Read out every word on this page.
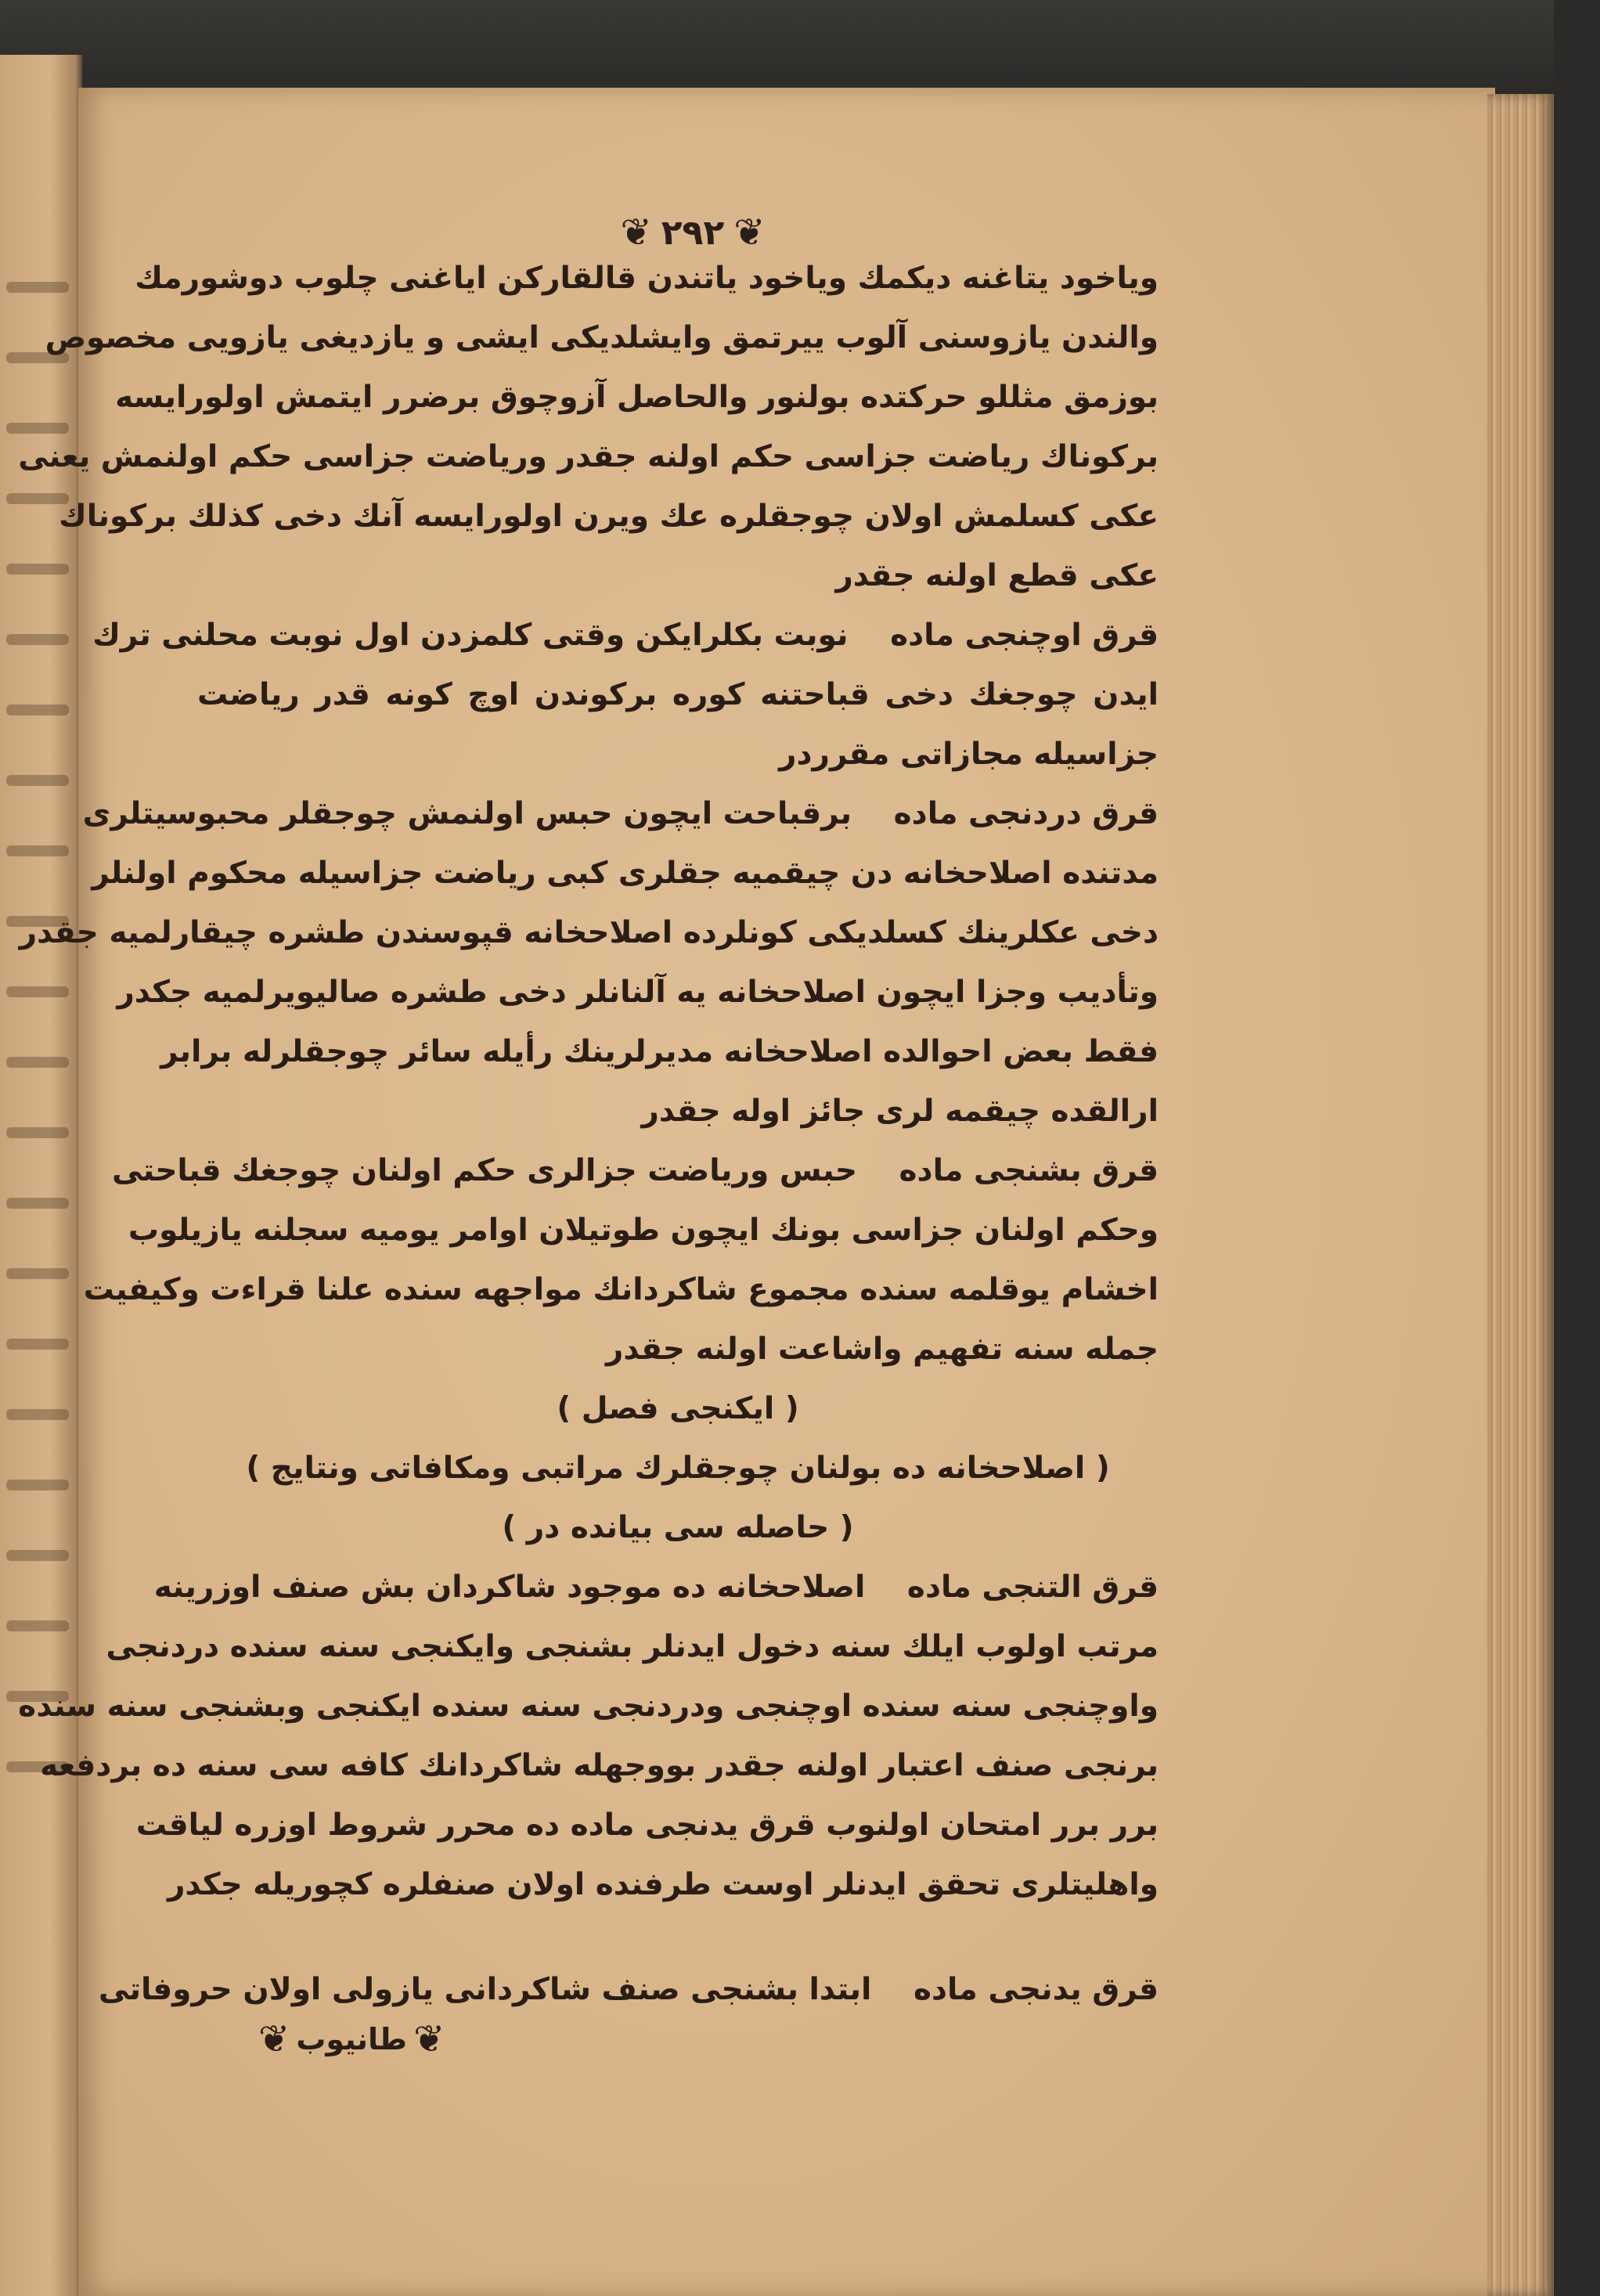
❦ ٢٩٢ ❦
وياخود يتاغنه ديكمك وياخود ياتندن قالقاركن اياغنى چلوب دوشورمك
والندن يازوسنى آلوب ييرتمق وايشلديكى ايشى و يازديغى يازويى مخصوص
بوزمق مثللو حركتده بولنور والحاصل آزوچوق برضرر ايتمش اولورايسه
بركوناك رياضت جزاسى حكم اولنه جقدر ورياضت جزاسى حكم اولنمش يعنى
عكى كسلمش اولان چوجقلره عك ويرن اولورايسه آنك دخى كذلك بركوناك
عكى قطع اولنه جقدر
قرق اوچنجى ماده نوبت بكلرايكن وقتى كلمزدن اول نوبت محلنى ترك
ايدن چوجغك دخى قباحتنه كوره بركوندن اوچ كونه قدر رياضت
جزاسيله مجازاتى مقرردر
قرق دردنجى ماده برقباحت ايچون حبس اولنمش چوجقلر محبوسيتلرى
مدتنده اصلاحخانه دن چيقميه جقلرى كبى رياضت جزاسيله محكوم اولنلر
دخى عكلرينك كسلديكى كونلرده اصلاحخانه قپوسندن طشره چيقارلميه جقدر
وتأديب وجزا ايچون اصلاحخانه يه آلنانلر دخى طشره صاليويرلميه جكدر
فقط بعض احوالده اصلاحخانه مديرلرينك رأيله سائر چوجقلرله برابر
ارالقده چيقمه لرى جائز اوله جقدر
قرق بشنجى ماده حبس ورياضت جزالرى حكم اولنان چوجغك قباحتى
وحكم اولنان جزاسى بونك ايچون طوتيلان اوامر يوميه سجلنه يازيلوب
اخشام يوقلمه سنده مجموع شاكردانك مواجهه سنده علنا قراءت وكيفيت
جمله سنه تفهيم واشاعت اولنه جقدر
( ايكنجى فصل )
( اصلاحخانه ده بولنان چوجقلرك مراتبى ومكافاتى ونتايج )
( حاصله سى بيانده در )
قرق التنجى ماده اصلاحخانه ده موجود شاكردان بش صنف اوزرينه
مرتب اولوب ايلك سنه دخول ايدنلر بشنجى وايكنجى سنه سنده دردنجى
واوچنجى سنه سنده اوچنجى ودردنجى سنه سنده ايكنجى وبشنجى سنه سنده
برنجى صنف اعتبار اولنه جقدر بووجهله شاكردانك كافه سى سنه ده بردفعه
برر برر امتحان اولنوب قرق يدنجى ماده ده محرر شروط اوزره لياقت
واهليتلرى تحقق ايدنلر اوست طرفنده اولان صنفلره كچوريله جكدر
قرق يدنجى ماده ابتدا بشنجى صنف شاكردانى يازولى اولان حروفاتى
❦
طانيوب
❦
